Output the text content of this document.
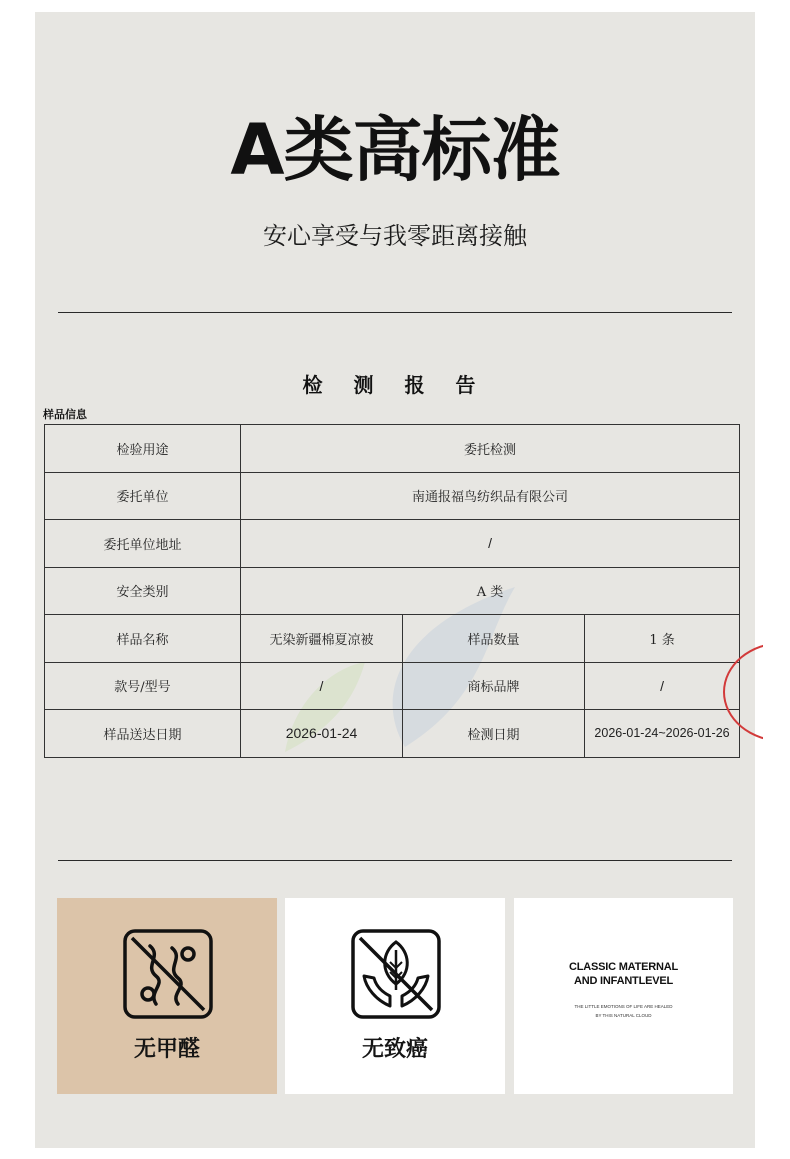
A类高标准
安心享受与我零距离接触
检 测 报 告
样品信息
检验用途	委托检测		
委托单位	南通报福鸟纺织品有限公司		
委托单位地址	/		
安全类别	A 类		
样品名称	无染新疆棉夏凉被	样品数量	1 条
款号/型号	/	商标品牌	/
样品送达日期	2026-01-24	检测日期	2026-01-24~2026-01-26
无甲醛	无致癌
CLASSIC MATERNAL
AND INFANTLEVEL
THE LITTLE EMOTIONS OF LIFE ARE HEALED
BY THIS NATURAL CLOUD
